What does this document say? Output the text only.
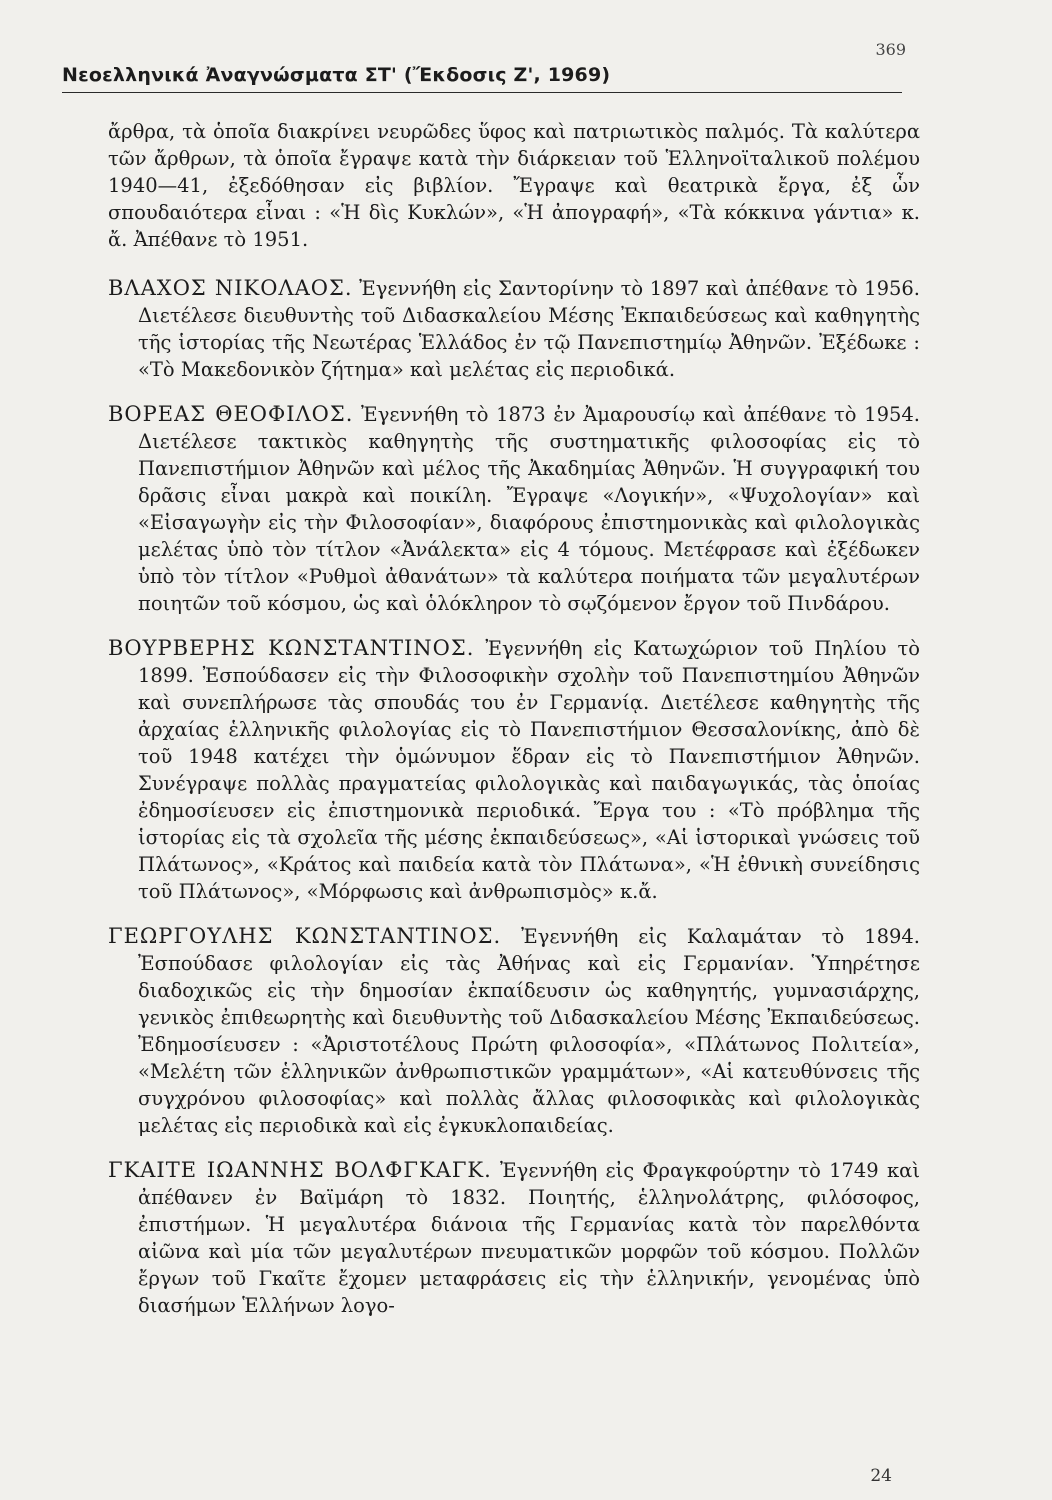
Νεοελληνικά Ἀναγνώσματα ΣΤ' (Ἔκδοσις Ζ', 1969)
369

ἄρθρα, τὰ ὁποῖα διακρίνει νευρῶδες ὕφος καὶ πατριωτικὸς παλμός. Τὰ καλύτερα τῶν ἄρθρων, τὰ ὁποῖα ἔγραψε κατὰ τὴν διάρκειαν τοῦ Ἑλληνοϊταλικοῦ πολέμου 1940—41, ἐξεδόθησαν εἰς βιβλίον. Ἔγραψε καὶ θεατρικὰ ἔργα, ἐξ ὧν σπουδαιότερα εἶναι : «Ἡ δὶς Κυκλών», «Ἡ ἀπογραφή», «Τὰ κόκκινα γάντια» κ. ἄ. Ἀπέθανε τὸ 1951.

ΒΛΑΧΟΣ ΝΙΚΟΛΑΟΣ. Ἐγεννήθη εἰς Σαντορίνην τὸ 1897 καὶ ἀπέθανε τὸ 1956. Διετέλεσε διευθυντὴς τοῦ Διδασκαλείου Μέσης Ἐκπαιδεύσεως καὶ καθηγητὴς τῆς ἱστορίας τῆς Νεωτέρας Ἑλλάδος ἐν τῷ Πανεπιστημίῳ Ἀθηνῶν. Ἐξέδωκε : «Τὸ Μακεδονικὸν ζήτημα» καὶ μελέτας εἰς περιοδικά.
ΒΟΡΕΑΣ ΘΕΟΦΙΛΟΣ. Ἐγεννήθη τὸ 1873 ἐν Ἀμαρουσίῳ καὶ ἀπέθανε τὸ 1954. Διετέλεσε τακτικὸς καθηγητὴς τῆς συστηματικῆς φιλοσοφίας εἰς τὸ Πανεπιστήμιον Ἀθηνῶν καὶ μέλος τῆς Ἀκαδημίας Ἀθηνῶν. Ἡ συγγραφική του δρᾶσις εἶναι μακρὰ καὶ ποικίλη. Ἔγραψε «Λογικήν», «Ψυχολογίαν» καὶ «Εἰσαγωγὴν εἰς τὴν Φιλοσοφίαν», διαφόρους ἐπιστημονικὰς καὶ φιλολογικὰς μελέτας ὑπὸ τὸν τίτλον «Ἀνάλεκτα» εἰς 4 τόμους. Μετέφρασε καὶ ἐξέδωκεν ὑπὸ τὸν τίτλον «Ρυθμοὶ ἀθανάτων» τὰ καλύτερα ποιήματα τῶν μεγαλυτέρων ποιητῶν τοῦ κόσμου, ὡς καὶ ὁλόκληρον τὸ σῳζόμενον ἔργον τοῦ Πινδάρου.
ΒΟΥΡΒΕΡΗΣ ΚΩΝΣΤΑΝΤΙΝΟΣ. Ἐγεννήθη εἰς Κατωχώριον τοῦ Πηλίου τὸ 1899. Ἐσπούδασεν εἰς τὴν Φιλοσοφικὴν σχολὴν τοῦ Πανεπιστημίου Ἀθηνῶν καὶ συνεπλήρωσε τὰς σπουδάς του ἐν Γερμανίᾳ. Διετέλεσε καθηγητὴς τῆς ἀρχαίας ἑλληνικῆς φιλολογίας εἰς τὸ Πανεπιστήμιον Θεσσαλονίκης, ἀπὸ δὲ τοῦ 1948 κατέχει τὴν ὁμώνυμον ἕδραν εἰς τὸ Πανεπιστήμιον Ἀθηνῶν. Συνέγραψε πολλὰς πραγματείας φιλολογικὰς καὶ παιδαγωγικάς, τὰς ὁποίας ἐδημοσίευσεν εἰς ἐπιστημονικὰ περιοδικά. Ἔργα του : «Τὸ πρόβλημα τῆς ἱστορίας εἰς τὰ σχολεῖα τῆς μέσης ἐκπαιδεύσεως», «Αἱ ἱστορικαὶ γνώσεις τοῦ Πλάτωνος», «Κράτος καὶ παιδεία κατὰ τὸν Πλάτωνα», «Ἡ ἐθνικὴ συνείδησις τοῦ Πλάτωνος», «Μόρφωσις καὶ ἀνθρωπισμὸς» κ.ἄ.
ΓΕΩΡΓΟΥΛΗΣ ΚΩΝΣΤΑΝΤΙΝΟΣ. Ἐγεννήθη εἰς Καλαμάταν τὸ 1894. Ἐσπούδασε φιλολογίαν εἰς τὰς Ἀθήνας καὶ εἰς Γερμανίαν. Ὑπηρέτησε διαδοχικῶς εἰς τὴν δημοσίαν ἐκπαίδευσιν ὡς καθηγητής, γυμνασιάρχης, γενικὸς ἐπιθεωρητὴς καὶ διευθυντὴς τοῦ Διδασκαλείου Μέσης Ἐκπαιδεύσεως. Ἐδημοσίευσεν : «Ἀριστοτέλους Πρώτη φιλοσοφία», «Πλάτωνος Πολιτεία», «Μελέτη τῶν ἑλληνικῶν ἀνθρωπιστικῶν γραμμάτων», «Αἱ κατευθύνσεις τῆς συγχρόνου φιλοσοφίας» καὶ πολλὰς ἄλλας φιλοσοφικὰς καὶ φιλολογικὰς μελέτας εἰς περιοδικὰ καὶ εἰς ἐγκυκλοπαιδείας.
ΓΚΑΙΤΕ ΙΩΑΝΝΗΣ ΒΟΛΦΓΚΑΓΚ. Ἐγεννήθη εἰς Φραγκφούρτην τὸ 1749 καὶ ἀπέθανεν ἐν Βαϊμάρη τὸ 1832. Ποιητής, ἑλληνολάτρης, φιλόσοφος, ἐπιστήμων. Ἡ μεγαλυτέρα διάνοια τῆς Γερμανίας κατὰ τὸν παρελθόντα αἰῶνα καὶ μία τῶν μεγαλυτέρων πνευματικῶν μορφῶν τοῦ κόσμου. Πολλῶν ἔργων τοῦ Γκαῖτε ἔχομεν μεταφράσεις εἰς τὴν ἑλληνικήν, γενομένας ὑπὸ διασήμων Ἑλλήνων λογο-
24
